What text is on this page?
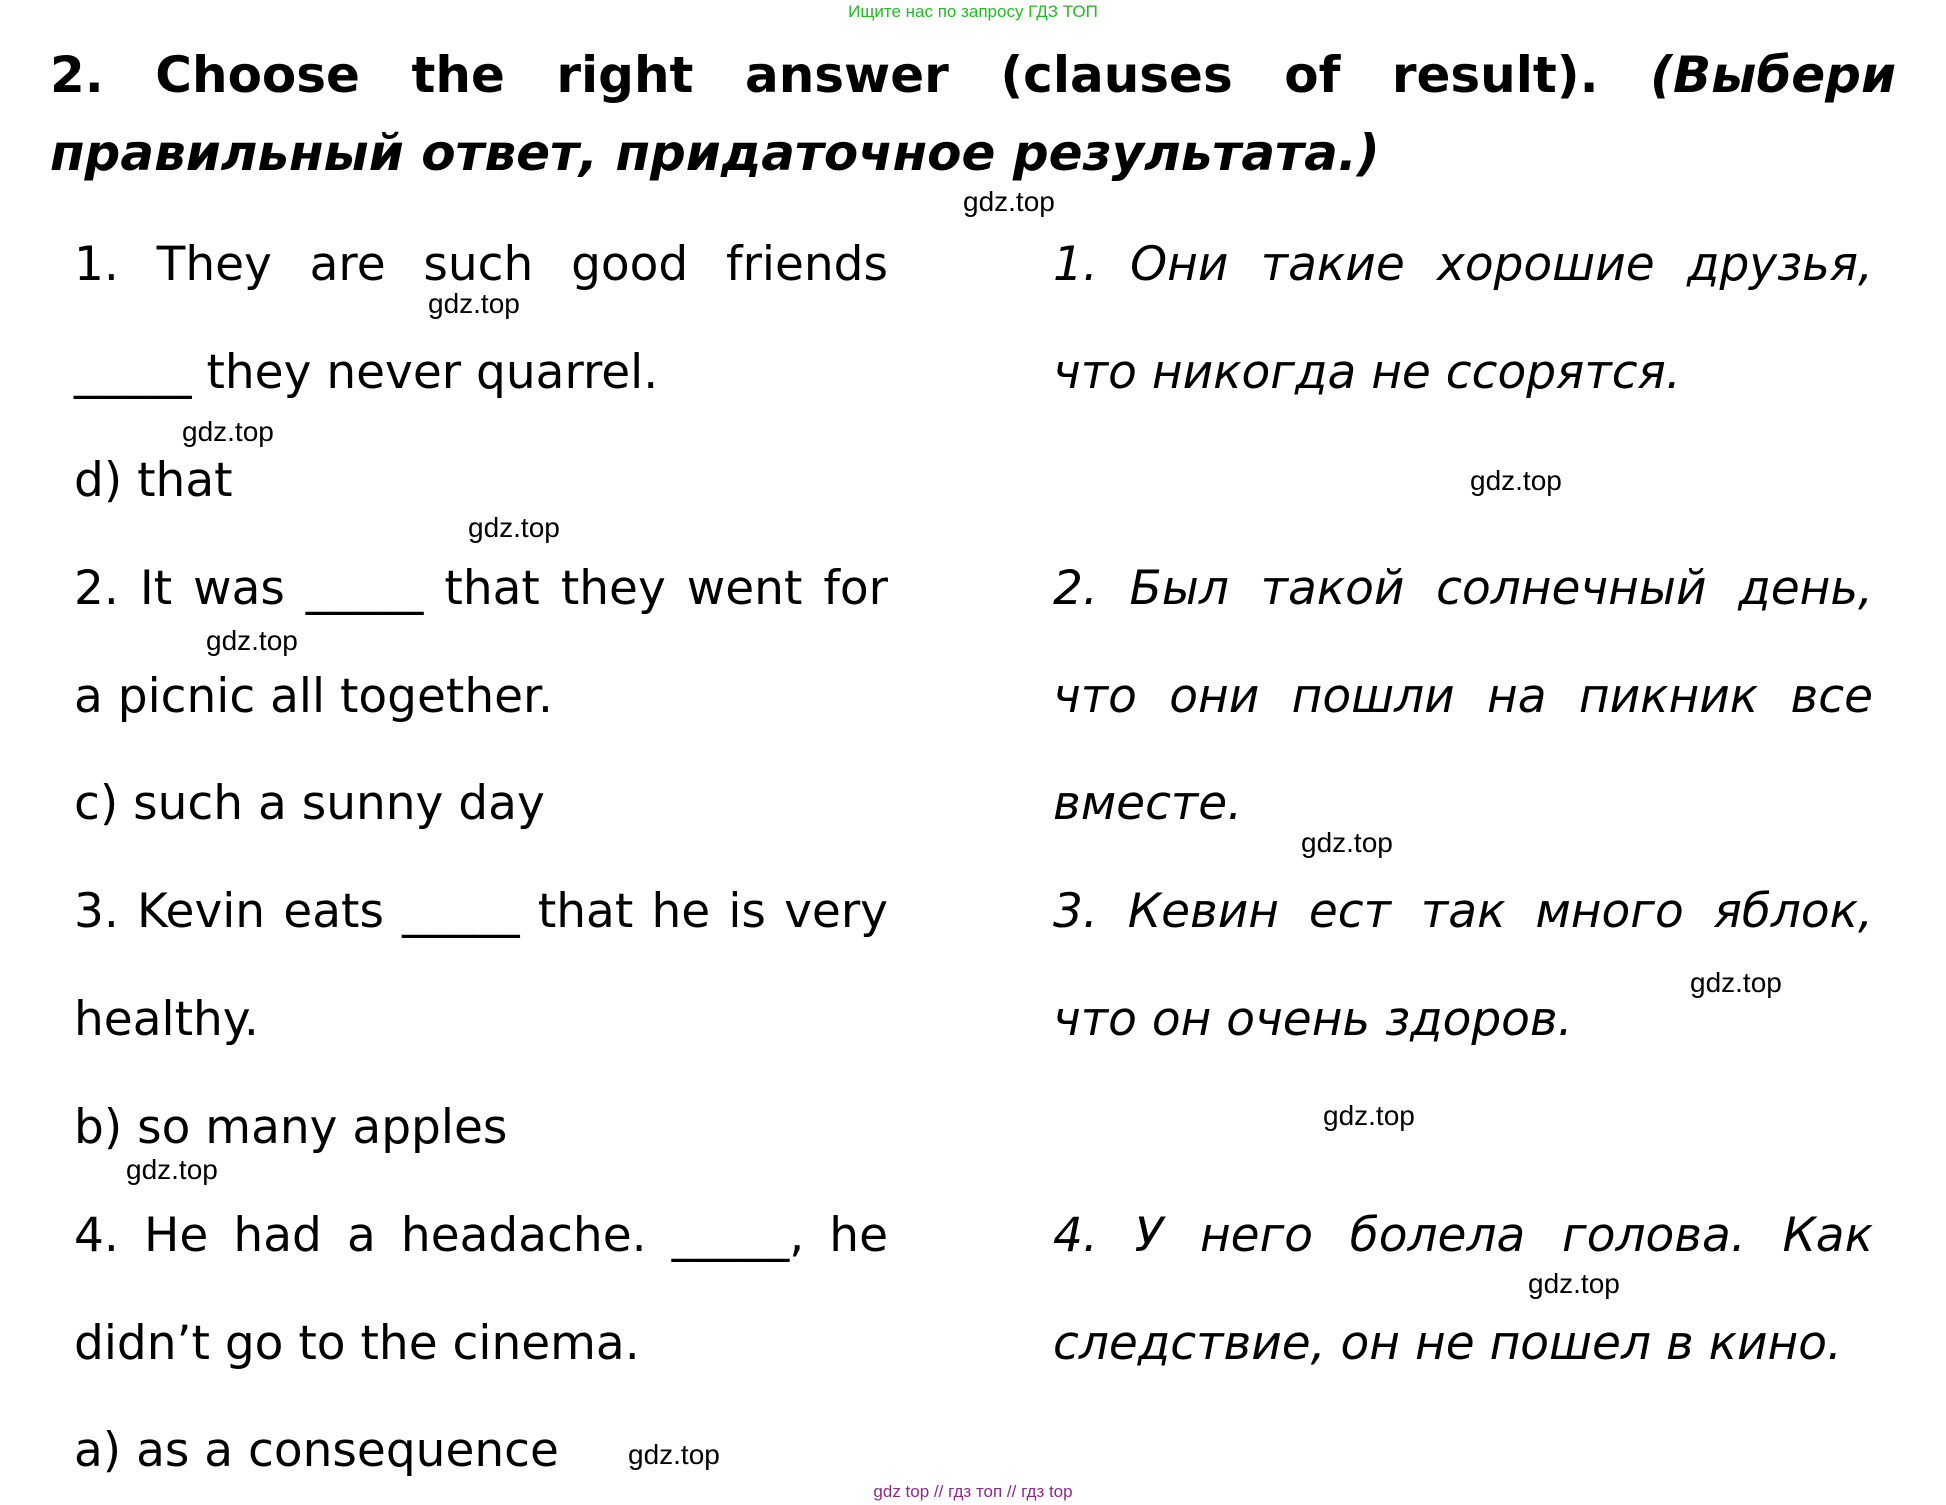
Ищите нас по запросу ГДЗ ТОП
2. Choose the right answer (clauses of result). (Выбери правильный ответ, придаточное результата.)
1. They are such good friends
_____ they never quarrel.
d) that
1. Они такие хорошие друзья,
что никогда не ссорятся.
2. It was _____ that they went for
a picnic all together.
c) such a sunny day
2. Был такой солнечный день,
что они пошли на пикник все
вместе.
3. Kevin eats _____ that he is very
healthy.
b) so many apples
3. Кевин ест так много яблок,
что он очень здоров.
4. He had a headache. _____, he
didn’t go to the cinema.
a) as a consequence
4. У него болела голова. Как
следствие, он не пошел в кино.
gdz.top
gdz.top
gdz.top
gdz.top
gdz.top
gdz.top
gdz.top
gdz.top
gdz.top
gdz.top
gdz.top
gdz.top
gdz top // гдз топ // гдз top
